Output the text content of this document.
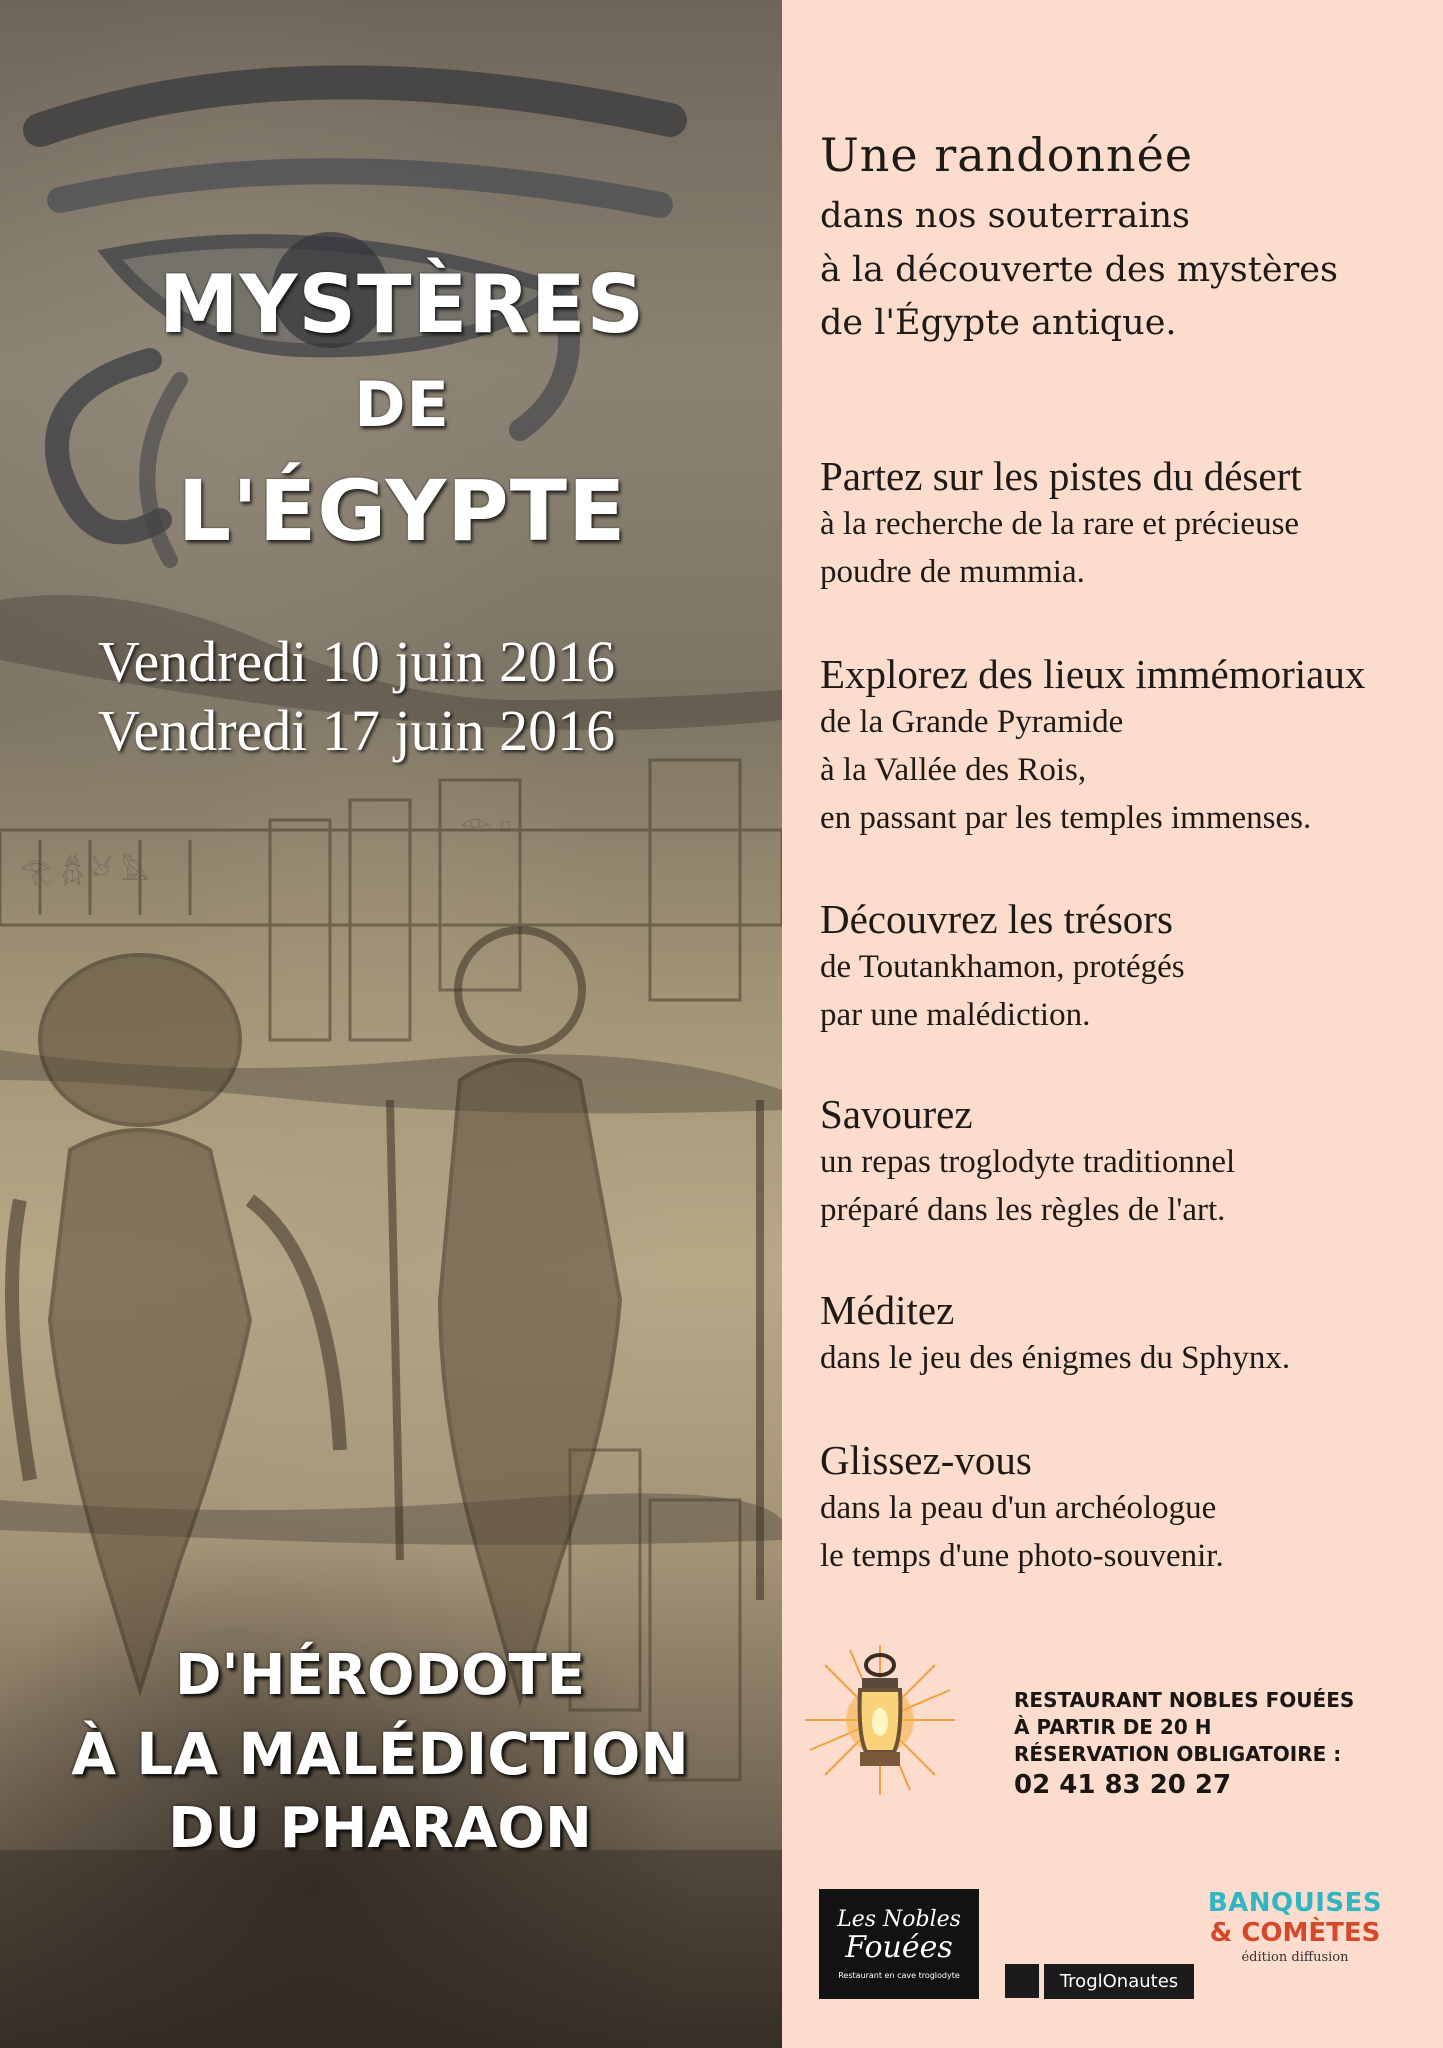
𓂀 𓆣 𓃾 𓅓
𓁹 𓊪
MYSTÈRES
DE
L'ÉGYPTE
Vendredi 10 juin 2016
Vendredi 17 juin 2016
D'HÉRODOTE
À LA MALÉDICTION
DU PHARAON
Une randonnée
dans nos souterrains
à la découverte des mystères
de l'Égypte antique.
Partez sur les pistes du désert
à la recherche de la rare et précieuse
poudre de mummia.
Explorez des lieux immémoriaux
de la Grande Pyramide
à la Vallée des Rois,
en passant par les temples immenses.
Découvrez les trésors
de Toutankhamon, protégés
par une malédiction.
Savourez
un repas troglodyte traditionnel
préparé dans les règles de l'art.
Méditez
dans le jeu des énigmes du Sphynx.
Glissez-vous
dans la peau d'un archéologue
le temps d'une photo-souvenir.
RESTAURANT NOBLES FOUÉES
À PARTIR DE 20 H
RÉSERVATION OBLIGATOIRE :
02 41 83 20 27
Les Nobles
Fouées
Restaurant en cave troglodyte	TroglOnautes
BANQUISES
& COMÈTES
édition diffusion
